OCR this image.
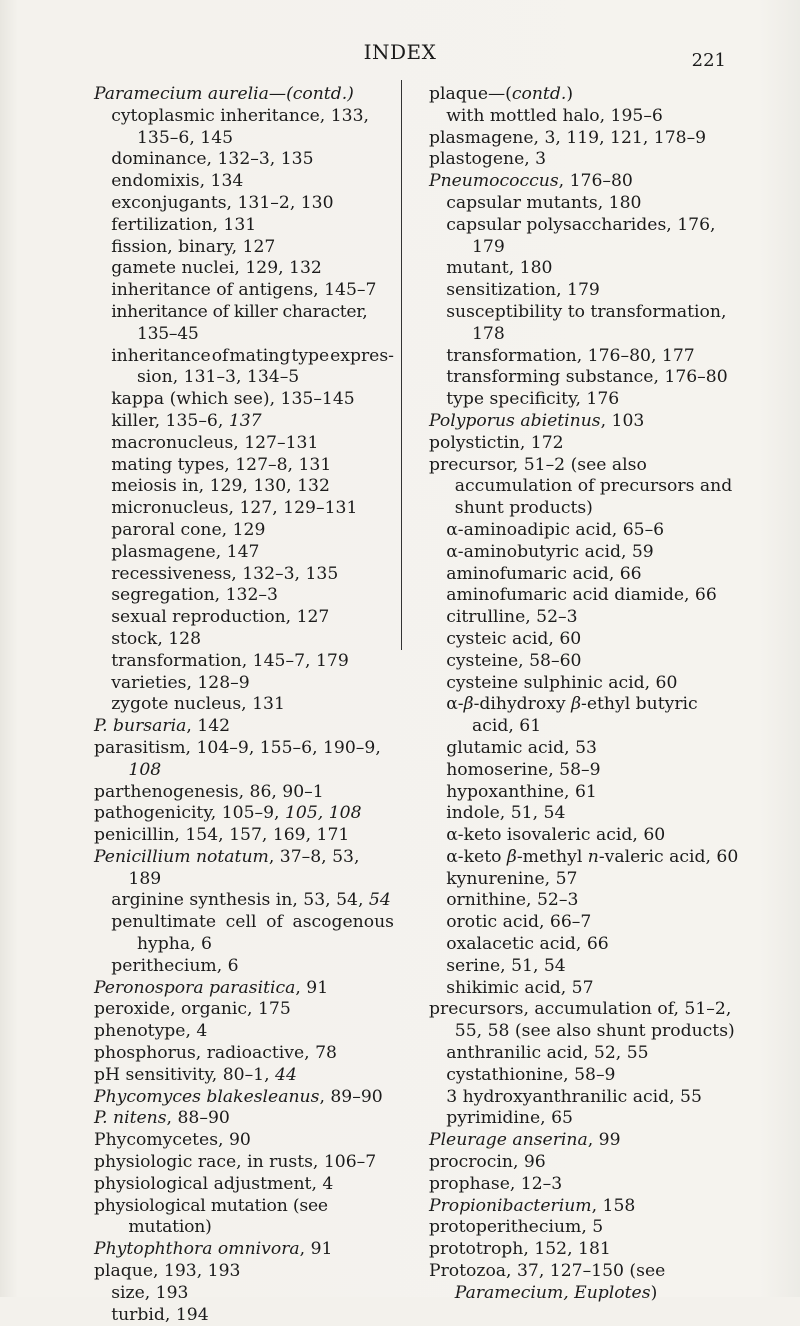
INDEX	221
Paramecium aurelia—(contd.)
cytoplasmic inheritance, 133, 135–6, 145
dominance, 132–3, 135
endomixis, 134
exconjugants, 131–2, 130
fertilization, 131
fission, binary, 127
gamete nuclei, 129, 132
inheritance of antigens, 145–7
inheritance of killer character, 135–45
inheritance of mating type expres-
sion, 131–3, 134–5
kappa (which see), 135–145
killer, 135–6, 137
macronucleus, 127–131
mating types, 127–8, 131
meiosis in, 129, 130, 132
micronucleus, 127, 129–131
paroral cone, 129
plasmagene, 147
recessiveness, 132–3, 135
segregation, 132–3
sexual reproduction, 127
stock, 128
transformation, 145–7, 179
varieties, 128–9
zygote nucleus, 131
P. bursaria, 142
parasitism, 104–9, 155–6, 190–9, 108
parthenogenesis, 86, 90–1
pathogenicity, 105–9, 105, 108
penicillin, 154, 157, 169, 171
Penicillium notatum, 37–8, 53, 189
arginine synthesis in, 53, 54, 54
penultimate cell of ascogenous
hypha, 6
perithecium, 6
Peronospora parasitica, 91
peroxide, organic, 175
phenotype, 4
phosphorus, radioactive, 78
pH sensitivity, 80–1, 44
Phycomyces blakesleanus, 89–90
P. nitens, 88–90
Phycomycetes, 90
physiologic race, in rusts, 106–7
physiological adjustment, 4
physiological mutation (see mutation)
Phytophthora omnivora, 91
plaque, 193, 193
size, 193
turbid, 194
plaque—(contd.)
with mottled halo, 195–6
plasmagene, 3, 119, 121, 178–9
plastogene, 3
Pneumococcus, 176–80
capsular mutants, 180
capsular polysaccharides, 176, 179
mutant, 180
sensitization, 179
susceptibility to transformation, 178
transformation, 176–80, 177
transforming substance, 176–80
type specificity, 176
Polyporus abietinus, 103
polystictin, 172
precursor, 51–2 (see also accumulation of precursors and shunt products)
α-aminoadipic acid, 65–6
α-aminobutyric acid, 59
aminofumaric acid, 66
aminofumaric acid diamide, 66
citrulline, 52–3
cysteic acid, 60
cysteine, 58–60
cysteine sulphinic acid, 60
α-β-dihydroxy β-ethyl butyric acid, 61
glutamic acid, 53
homoserine, 58–9
hypoxanthine, 61
indole, 51, 54
α-keto isovaleric acid, 60
α-keto β-methyl n-valeric acid, 60
kynurenine, 57
ornithine, 52–3
orotic acid, 66–7
oxalacetic acid, 66
serine, 51, 54
shikimic acid, 57
precursors, accumulation of, 51–2, 55, 58 (see also shunt products)
anthranilic acid, 52, 55
cystathionine, 58–9
3 hydroxyanthranilic acid, 55
pyrimidine, 65
Pleurage anserina, 99
procrocin, 96
prophase, 12–3
Propionibacterium, 158
protoperithecium, 5
prototroph, 152, 181
Protozoa, 37, 127–150 (see Paramecium, Euplotes)
